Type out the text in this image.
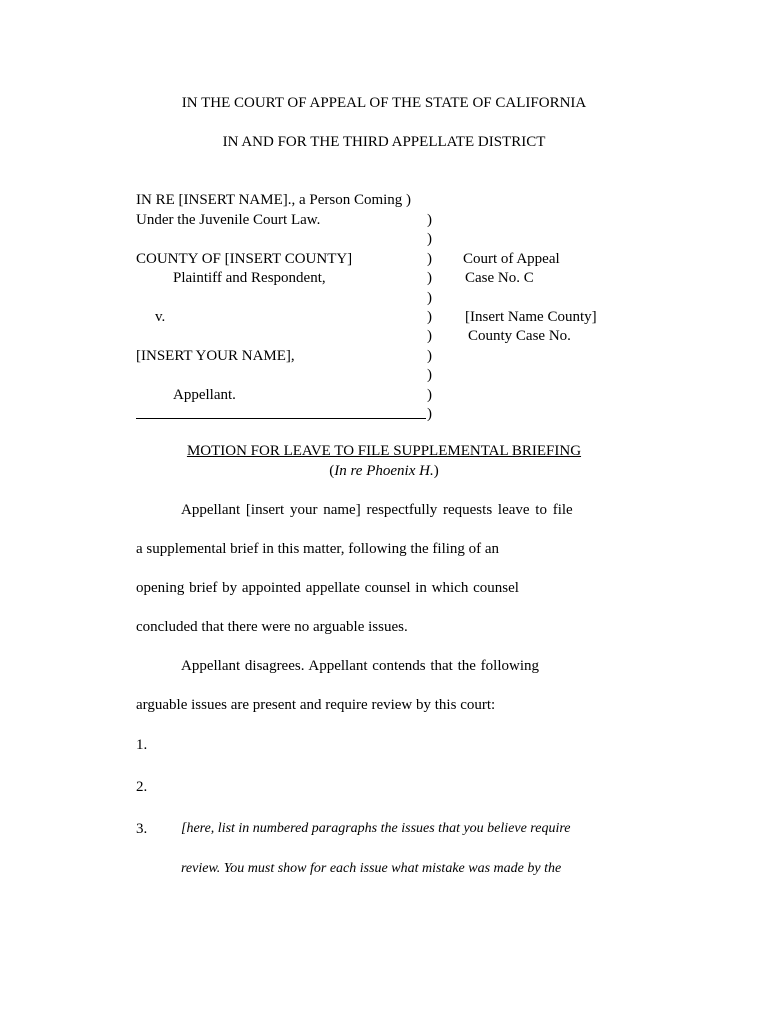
IN THE COURT OF APPEAL OF THE STATE OF CALIFORNIA
IN AND FOR THE THIRD APPELLATE DISTRICT
IN RE [INSERT NAME]., a Person Coming )
Under the Juvenile Court Law.
COUNTY OF [INSERT COUNTY]
Plaintiff and Respondent,
v.
[INSERT YOUR NAME],
Appellant.
)
)
)
)
)
)
)
)
)
)
)
Court of Appeal
Case No. C
[Insert Name County]
County Case No.
MOTION FOR LEAVE TO FILE SUPPLEMENTAL BRIEFING
(In re Phoenix H.)
Appellant [insert your name] respectfully requests leave to file
a supplemental brief in this matter, following the filing of an
opening brief by appointed appellate counsel in which counsel
concluded that there were no arguable issues.
Appellant disagrees. Appellant contends that the following
arguable issues are present and require review by this court:
1.
2.
3. [here, list in numbered paragraphs the issues that you believe require
review. You must show for each issue what mistake was made by the
